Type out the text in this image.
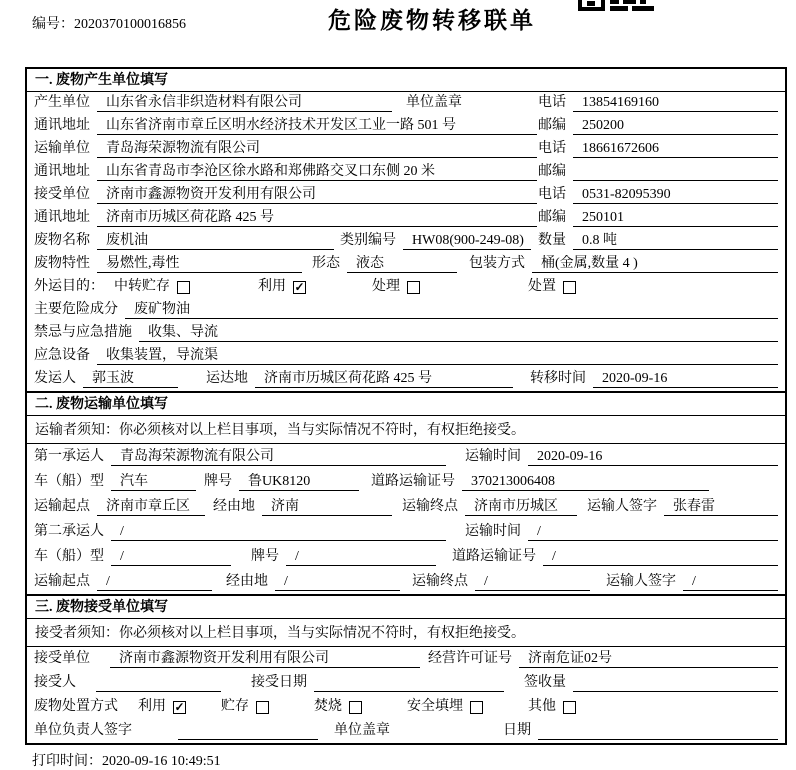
编号：2020370100016856	危险废物转移联单
一. 废物产生单位填写
产生单位	山东省永信非织造材料有限公司	单位盖章	电话	13854169160
通讯地址	山东省济南市章丘区明水经济技术开发区工业一路 501 号	邮编	250200
运输单位	青岛海荣源物流有限公司	电话	18661672606
通讯地址	山东省青岛市李沧区徐水路和郑佛路交叉口东侧 20 米	邮编
接受单位	济南市鑫源物资开发利用有限公司	电话	0531-82095390
通讯地址	济南市历城区荷花路 425 号	邮编	250101
废物名称	废机油	类别编号	HW08(900-249-08)	数量	0.8 吨
废物特性	易燃性,毒性	形态	液态	包装方式	桶(金属,数量 4 )
外运目的： 中转贮存	利用 ✓	处理	处置
主要危险成分	废矿物油
禁忌与应急措施	收集、导流
应急设备	收集装置，导流渠
发运人	郭玉波	运达地	济南市历城区荷花路 425 号	转移时间	2020-09-16
二. 废物运输单位填写
运输者须知：你必须核对以上栏目事项，当与实际情况不符时，有权拒绝接受。
第一承运人	青岛海荣源物流有限公司	运输时间	2020-09-16
车（船）型	汽车	牌号	鲁UK8120	道路运输证号	370213006408
运输起点	济南市章丘区	经由地	济南	运输终点	济南市历城区	运输人签字	张春雷
第二承运人	/	运输时间	/
车（船）型	/	牌号	/	道路运输证号	/
运输起点	/	经由地	/	运输终点	/	运输人签字	/
三. 废物接受单位填写
接受者须知：你必须核对以上栏目事项，当与实际情况不符时，有权拒绝接受。
接受单位	济南市鑫源物资开发利用有限公司	经营许可证号	济南危证02号
接受人	接受日期	签收量
废物处置方式 利用 ✓	贮存	焚烧	安全填埋	其他
单位负责人签字	单位盖章	日期
打印时间：2020-09-16 10:49:51
